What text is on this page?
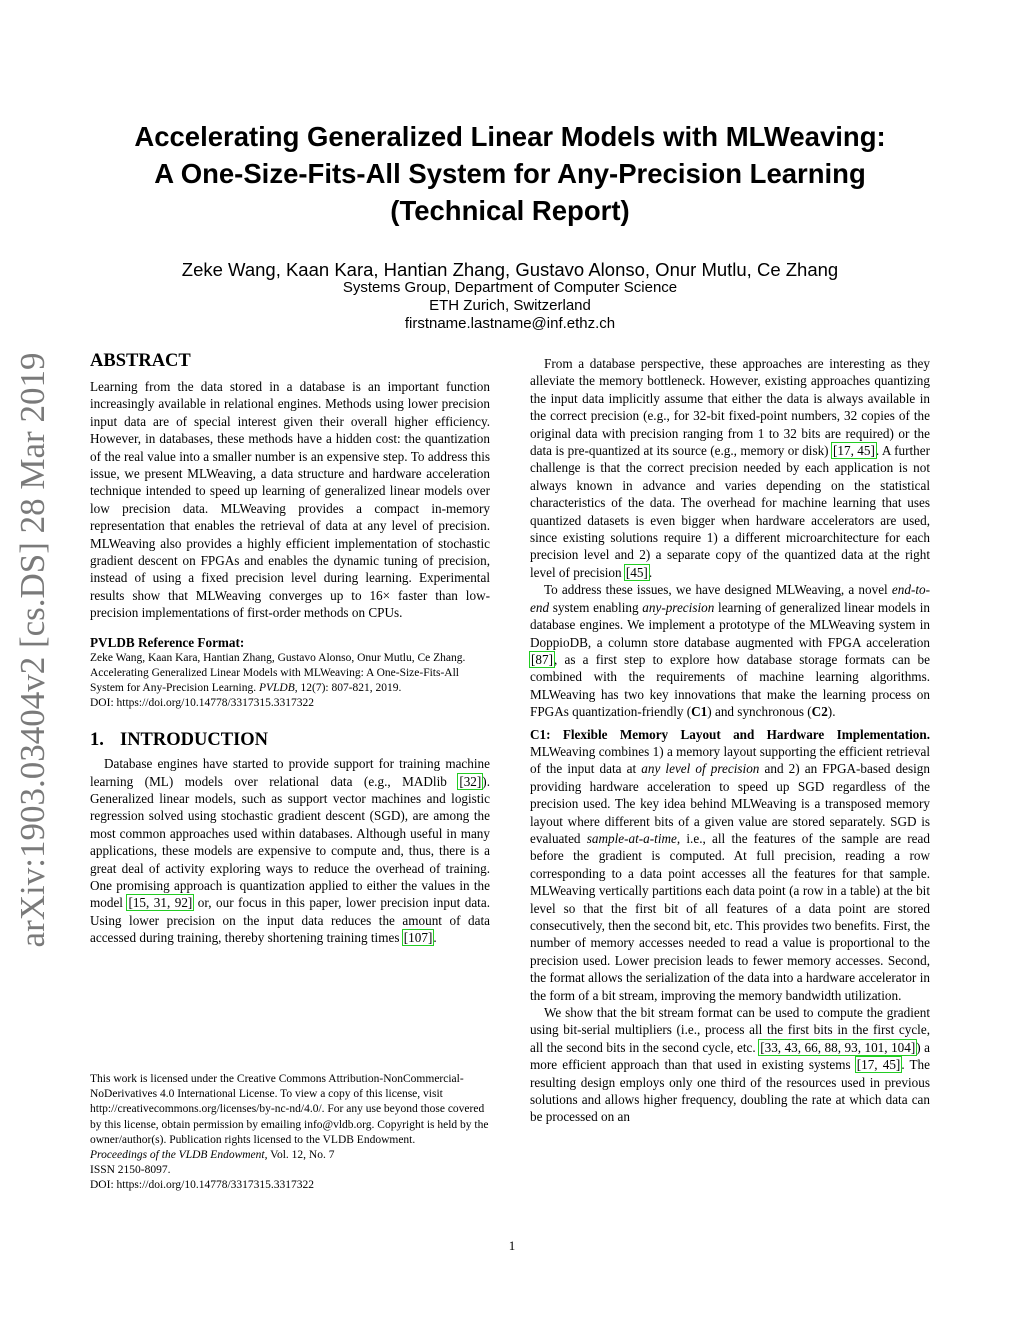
arXiv:1903.03404v2 [cs.DS] 28 Mar 2019
Accelerating Generalized Linear Models with MLWeaving:
A One-Size-Fits-All System for Any-Precision Learning
(Technical Report)
Zeke Wang, Kaan Kara, Hantian Zhang, Gustavo Alonso, Onur Mutlu, Ce Zhang
Systems Group, Department of Computer Science
ETH Zurich, Switzerland
firstname.lastname@inf.ethz.ch
ABSTRACT

Learning from the data stored in a database is an important function increasingly available in relational engines. Methods using lower precision input data are of special interest given their overall higher efficiency. However, in databases, these methods have a hidden cost: the quantization of the real value into a smaller number is an expensive step. To address this issue, we present MLWeaving, a data structure and hardware acceleration technique intended to speed up learning of generalized linear models over low precision data. MLWeaving provides a compact in-memory representation that enables the retrieval of data at any level of precision. MLWeaving also provides a highly efficient implementation of stochastic gradient descent on FPGAs and enables the dynamic tuning of precision, instead of using a fixed precision level during learning. Experimental results show that MLWeaving converges up to 16× faster than low-precision implementations of first-order methods on CPUs.

PVLDB Reference Format:
Zeke Wang, Kaan Kara, Hantian Zhang, Gustavo Alonso, Onur Mutlu, Ce Zhang. Accelerating Generalized Linear Models with MLWeaving: A One-Size-Fits-All System for Any-Precision Learning. PVLDB, 12(7): 807-821, 2019.
DOI: https://doi.org/10.14778/3317315.3317322
1. INTRODUCTION

Database engines have started to provide support for training machine learning (ML) models over relational data (e.g., MADlib [32]). Generalized linear models, such as support vector machines and logistic regression solved using stochastic gradient descent (SGD), are among the most common approaches used within databases. Although useful in many applications, these models are expensive to compute and, thus, there is a great deal of activity exploring ways to reduce the overhead of training. One promising approach is quantization applied to either the values in the model [15, 31, 92] or, our focus in this paper, lower precision input data. Using lower precision on the input data reduces the amount of data accessed during training, thereby shortening training times [107].

This work is licensed under the Creative Commons Attribution-NonCommercial-NoDerivatives 4.0 International License. To view a copy of this license, visit http://creativecommons.org/licenses/by-nc-nd/4.0/. For any use beyond those covered by this license, obtain permission by emailing info@vldb.org. Copyright is held by the owner/author(s). Publication rights licensed to the VLDB Endowment.

Proceedings of the VLDB Endowment, Vol. 12, No. 7

ISSN 2150-8097.

DOI: https://doi.org/10.14778/3317315.3317322

From a database perspective, these approaches are interesting as they alleviate the memory bottleneck. However, existing approaches quantizing the input data implicitly assume that either the data is always available in the correct precision (e.g., for 32-bit fixed-point numbers, 32 copies of the original data with precision ranging from 1 to 32 bits are required) or the data is pre-quantized at its source (e.g., memory or disk) [17, 45]. A further challenge is that the correct precision needed by each application is not always known in advance and varies depending on the statistical characteristics of the data. The overhead for machine learning that uses quantized datasets is even bigger when hardware accelerators are used, since existing solutions require 1) a different microarchitecture for each precision level and 2) a separate copy of the quantized data at the right level of precision [45].

To address these issues, we have designed MLWeaving, a novel end-to-end system enabling any-precision learning of generalized linear models in database engines. We implement a prototype of the MLWeaving system in DoppioDB, a column store database augmented with FPGA acceleration [87], as a first step to explore how database storage formats can be combined with the requirements of machine learning algorithms. MLWeaving has two key innovations that make the learning process on FPGAs quantization-friendly (C1) and synchronous (C2).

C1: Flexible Memory Layout and Hardware Implementation. MLWeaving combines 1) a memory layout supporting the efficient retrieval of the input data at any level of precision and 2) an FPGA-based design providing hardware acceleration to speed up SGD regardless of the precision used. The key idea behind MLWeaving is a transposed memory layout where different bits of a given value are stored separately. SGD is evaluated sample-at-a-time, i.e., all the features of the sample are read before the gradient is computed. At full precision, reading a row corresponding to a data point accesses all the features for that sample. MLWeaving vertically partitions each data point (a row in a table) at the bit level so that the first bit of all features of a data point are stored consecutively, then the second bit, etc. This provides two benefits. First, the number of memory accesses needed to read a value is proportional to the precision used. Lower precision leads to fewer memory accesses. Second, the format allows the serialization of the data into a hardware accelerator in the form of a bit stream, improving the memory bandwidth utilization.

We show that the bit stream format can be used to compute the gradient using bit-serial multipliers (i.e., process all the first bits in the first cycle, all the second bits in the second cycle, etc. [33, 43, 66, 88, 93, 101, 104]) a more efficient approach than that used in existing systems [17, 45]. The resulting design employs only one third of the resources used in previous solutions and allows higher frequency, doubling the rate at which data can be processed on an

1
